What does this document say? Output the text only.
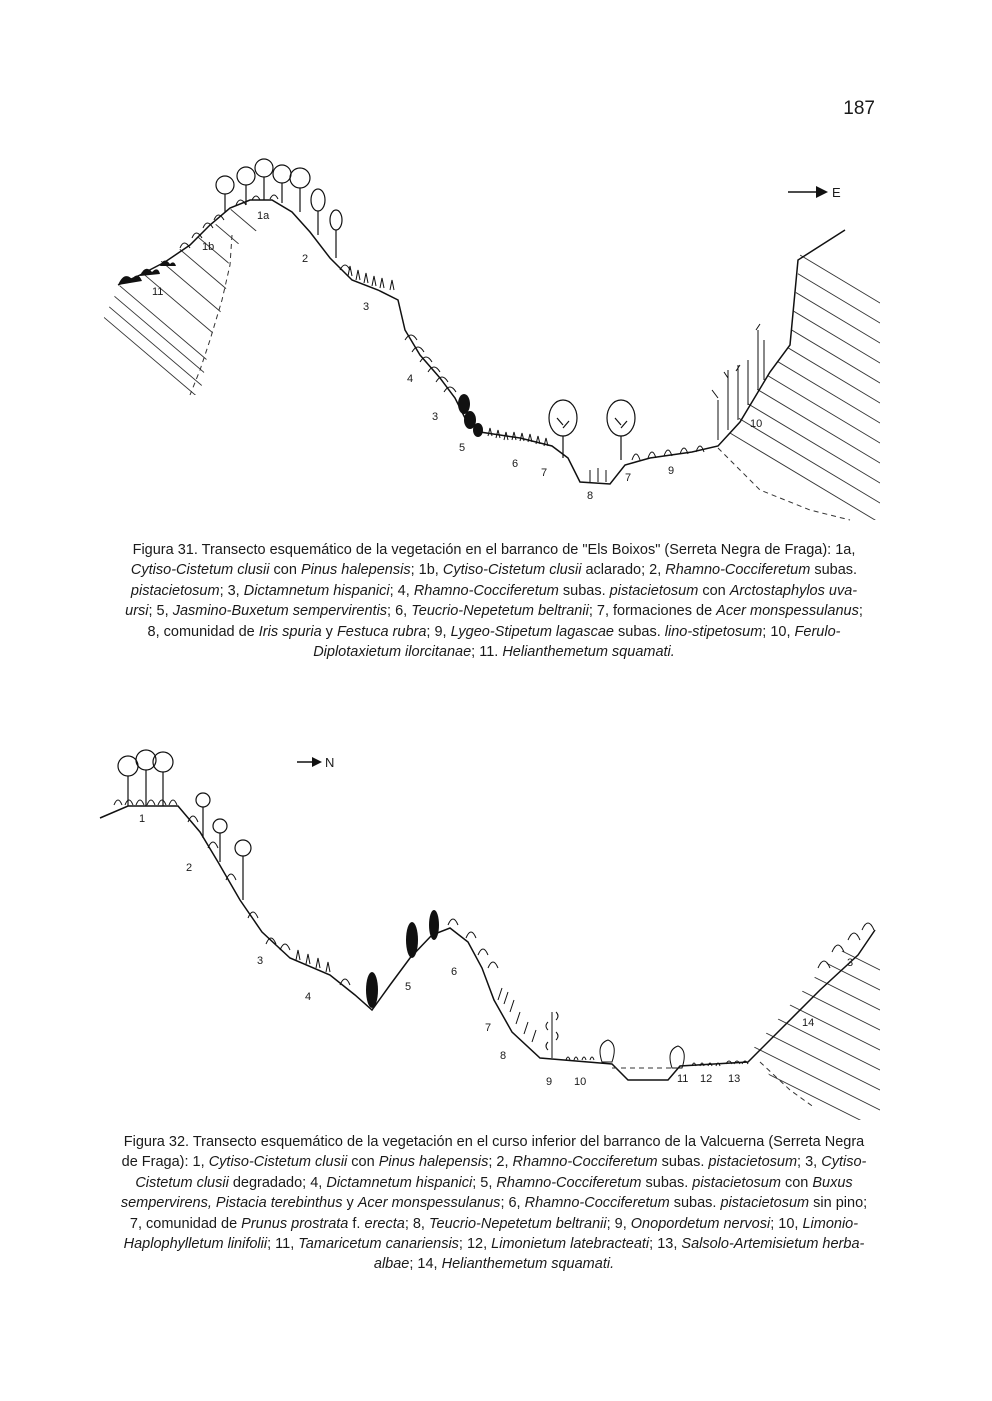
187
E
1a
1b
2
3
4
3
5
6
7	7
8
9
10
11
Figura 31. Transecto esquemático de la vegetación en el barranco de "Els Boixos" (Serreta Negra de Fraga): 1a, Cytiso-Cistetum clusii con Pinus halepensis; 1b, Cytiso-Cistetum clusii aclarado; 2, Rhamno-Cocciferetum subas. pistacietosum; 3, Dictamnetum hispanici; 4, Rhamno-Cocciferetum subas. pistacietosum con Arctostaphylos uva-ursi; 5, Jasmino-Buxetum sempervirentis; 6, Teucrio-Nepetetum beltranii; 7, formaciones de Acer monspessulanus; 8, comunidad de Iris spuria y Festuca rubra; 9, Lygeo-Stipetum lagascae subas. lino-stipetosum; 10, Ferulo-Diplotaxietum ilorcitanae; 11. Helianthemetum squamati.
N
1
2
3
4
5
6
7
8
9 10	11 12 13
3
14
Figura 32. Transecto esquemático de la vegetación en el curso inferior del barranco de la Valcuerna (Serreta Negra de Fraga): 1, Cytiso-Cistetum clusii con Pinus halepensis; 2, Rhamno-Cocciferetum subas. pistacietosum; 3, Cytiso-Cistetum clusii degradado; 4, Dictamnetum hispanici; 5, Rhamno-Cocciferetum subas. pistacietosum con Buxus sempervirens, Pistacia terebinthus y Acer monspessulanus; 6, Rhamno-Cocciferetum subas. pistacietosum sin pino; 7, comunidad de Prunus prostrata f. erecta; 8, Teucrio-Nepetetum beltranii; 9, Onopordetum nervosi; 10, Limonio-Haplophylletum linifolii; 11, Tamaricetum canariensis; 12, Limonietum latebracteati; 13, Salsolo-Artemisietum herba-albae; 14, Helianthemetum squamati.
